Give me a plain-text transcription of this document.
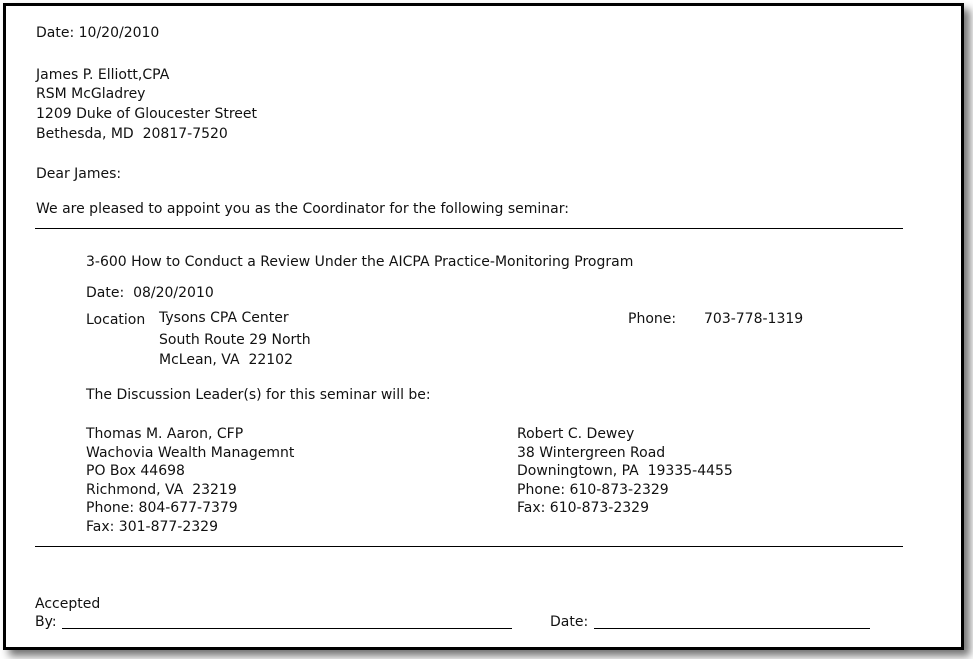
Date: 10/20/2010
James P. Elliott,CPA
RSM McGladrey
1209 Duke of Gloucester Street
Bethesda, MD  20817-7520
Dear James:
We are pleased to appoint you as the Coordinator for the following seminar:
3-600 How to Conduct a Review Under the AICPA Practice-Monitoring Program
Date:  08/20/2010
Location Tysons CPA Center
South Route 29 North
McLean, VA  22102
Phone: 703-778-1319
The Discussion Leader(s) for this seminar will be:
Thomas M. Aaron, CFP
Wachovia Wealth Managemnt
PO Box 44698
Richmond, VA  23219
Phone: 804-677-7379
Fax: 301-877-2329
Robert C. Dewey
38 Wintergreen Road
Downingtown, PA  19335-4455
Phone: 610-873-2329
Fax: 610-873-2329
Accepted
By:	Date:
